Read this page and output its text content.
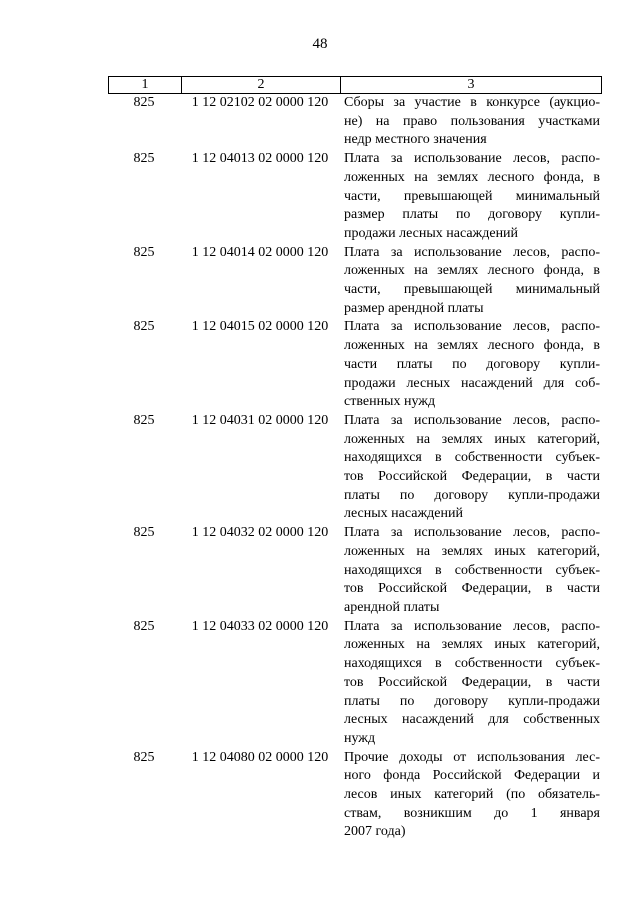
48
1	2	3
825	1 12 02102 02 0000 120	Сборы за участие в конкурсе (аукцио-
не) на право пользования участками
недр местного значения
825	1 12 04013 02 0000 120	Плата за использование лесов, распо-
ложенных на землях лесного фонда, в
части, превышающей минимальный
размер платы по договору купли-
продажи лесных насаждений
825	1 12 04014 02 0000 120	Плата за использование лесов, распо-
ложенных на землях лесного фонда, в
части, превышающей минимальный
размер арендной платы
825	1 12 04015 02 0000 120	Плата за использование лесов, распо-
ложенных на землях лесного фонда, в
части платы по договору купли-
продажи лесных насаждений для соб-
ственных нужд
825	1 12 04031 02 0000 120	Плата за использование лесов, распо-
ложенных на землях иных категорий,
находящихся в собственности субъек-
тов Российской Федерации, в части
платы по договору купли-продажи
лесных насаждений
825	1 12 04032 02 0000 120	Плата за использование лесов, распо-
ложенных на землях иных категорий,
находящихся в собственности субъек-
тов Российской Федерации, в части
арендной платы
825	1 12 04033 02 0000 120	Плата за использование лесов, распо-
ложенных на землях иных категорий,
находящихся в собственности субъек-
тов Российской Федерации, в части
платы по договору купли-продажи
лесных насаждений для собственных
нужд
825	1 12 04080 02 0000 120	Прочие доходы от использования лес-
ного фонда Российской Федерации и
лесов иных категорий (по обязатель-
ствам, возникшим до 1 января
2007 года)
